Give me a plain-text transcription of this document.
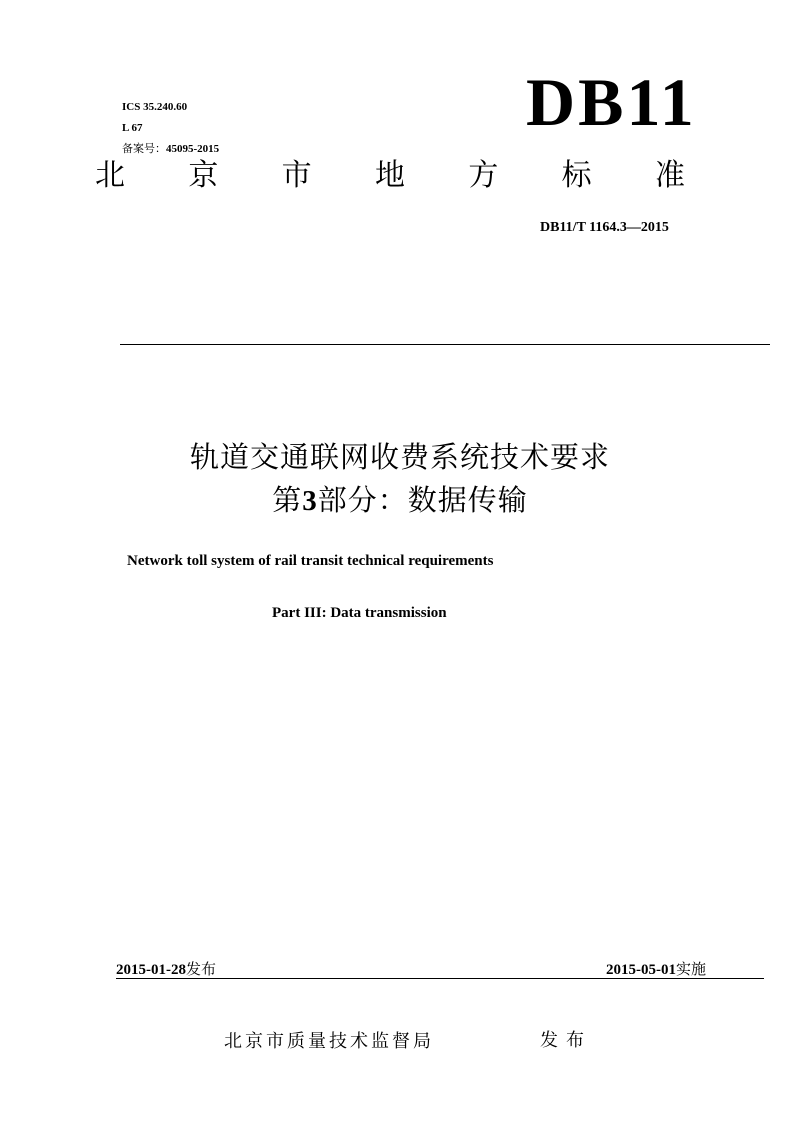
ICS 35.240.60
L 67
备案号：45095-2015
DB11
北 京 市 地 方 标 准
DB11/T 1164.3—2015
轨道交通联网收费系统技术要求
第3部分：数据传输
Network toll system of rail transit technical requirements
Part III: Data transmission
2015-01-28发布	2015-05-01实施
北京市质量技术监督局	发布
